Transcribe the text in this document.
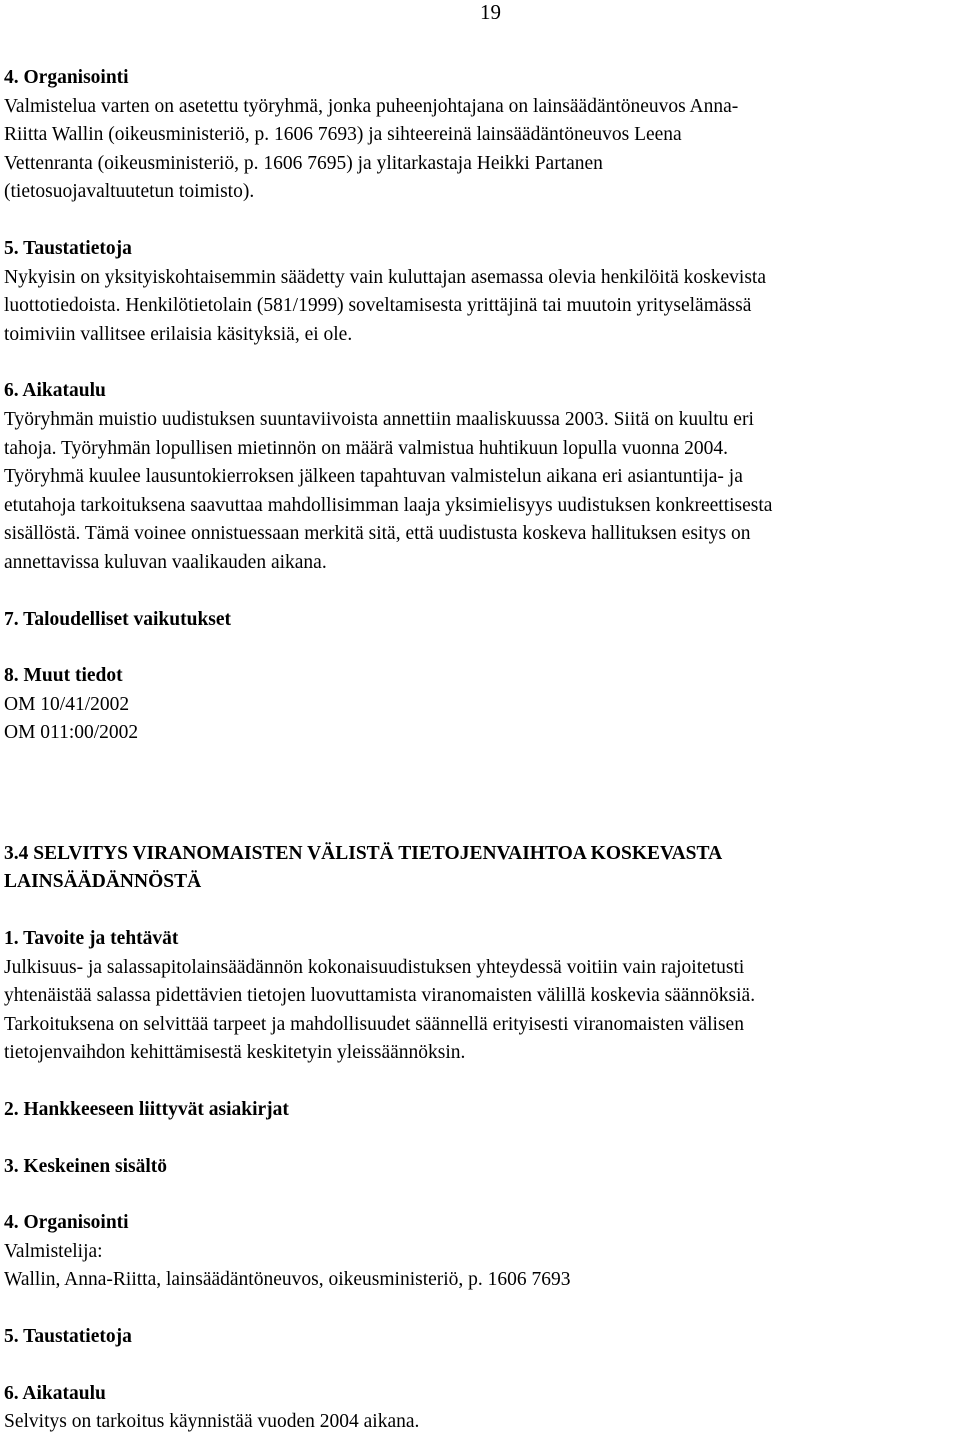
19
4. Organisointi
Valmistelua varten on asetettu työryhmä, jonka puheenjohtajana on lainsäädäntöneuvos Anna-
Riitta Wallin (oikeusministeriö, p. 1606 7693) ja sihteereinä lainsäädäntöneuvos Leena
Vettenranta (oikeusministeriö, p. 1606 7695) ja ylitarkastaja Heikki Partanen
(tietosuojavaltuutetun toimisto).
5. Taustatietoja
Nykyisin on yksityiskohtaisemmin säädetty vain kuluttajan asemassa olevia henkilöitä koskevista
luottotiedoista. Henkilötietolain (581/1999) soveltamisesta yrittäjinä tai muutoin yrityselämässä
toimiviin vallitsee erilaisia käsityksiä, ei ole.
6. Aikataulu
Työryhmän muistio uudistuksen suuntaviivoista annettiin maaliskuussa 2003. Siitä on kuultu eri
tahoja. Työryhmän lopullisen mietinnön on määrä valmistua huhtikuun lopulla vuonna 2004.
Työryhmä kuulee lausuntokierroksen jälkeen tapahtuvan valmistelun aikana eri asiantuntija- ja
etutahoja tarkoituksena saavuttaa mahdollisimman laaja yksimielisyys uudistuksen konkreettisesta
sisällöstä. Tämä voinee onnistuessaan merkitä sitä, että uudistusta koskeva hallituksen esitys on
annettavissa kuluvan vaalikauden aikana.
7. Taloudelliset vaikutukset
8. Muut tiedot
OM 10/41/2002
OM 011:00/2002
3.4 SELVITYS VIRANOMAISTEN VÄLISTÄ TIETOJENVAIHTOA KOSKEVASTA
LAINSÄÄDÄNNÖSTÄ
1. Tavoite ja tehtävät
Julkisuus- ja salassapitolainsäädännön kokonaisuudistuksen yhteydessä voitiin vain rajoitetusti
yhtenäistää salassa pidettävien tietojen luovuttamista viranomaisten välillä koskevia säännöksiä.
Tarkoituksena on selvittää tarpeet ja mahdollisuudet säännellä erityisesti viranomaisten välisen
tietojenvaihdon kehittämisestä keskitetyin yleissäännöksin.
2. Hankkeeseen liittyvät asiakirjat
3. Keskeinen sisältö
4. Organisointi
Valmistelija:
Wallin, Anna-Riitta, lainsäädäntöneuvos, oikeusministeriö, p. 1606 7693
5. Taustatietoja
6. Aikataulu
Selvitys on tarkoitus käynnistää vuoden 2004 aikana.
